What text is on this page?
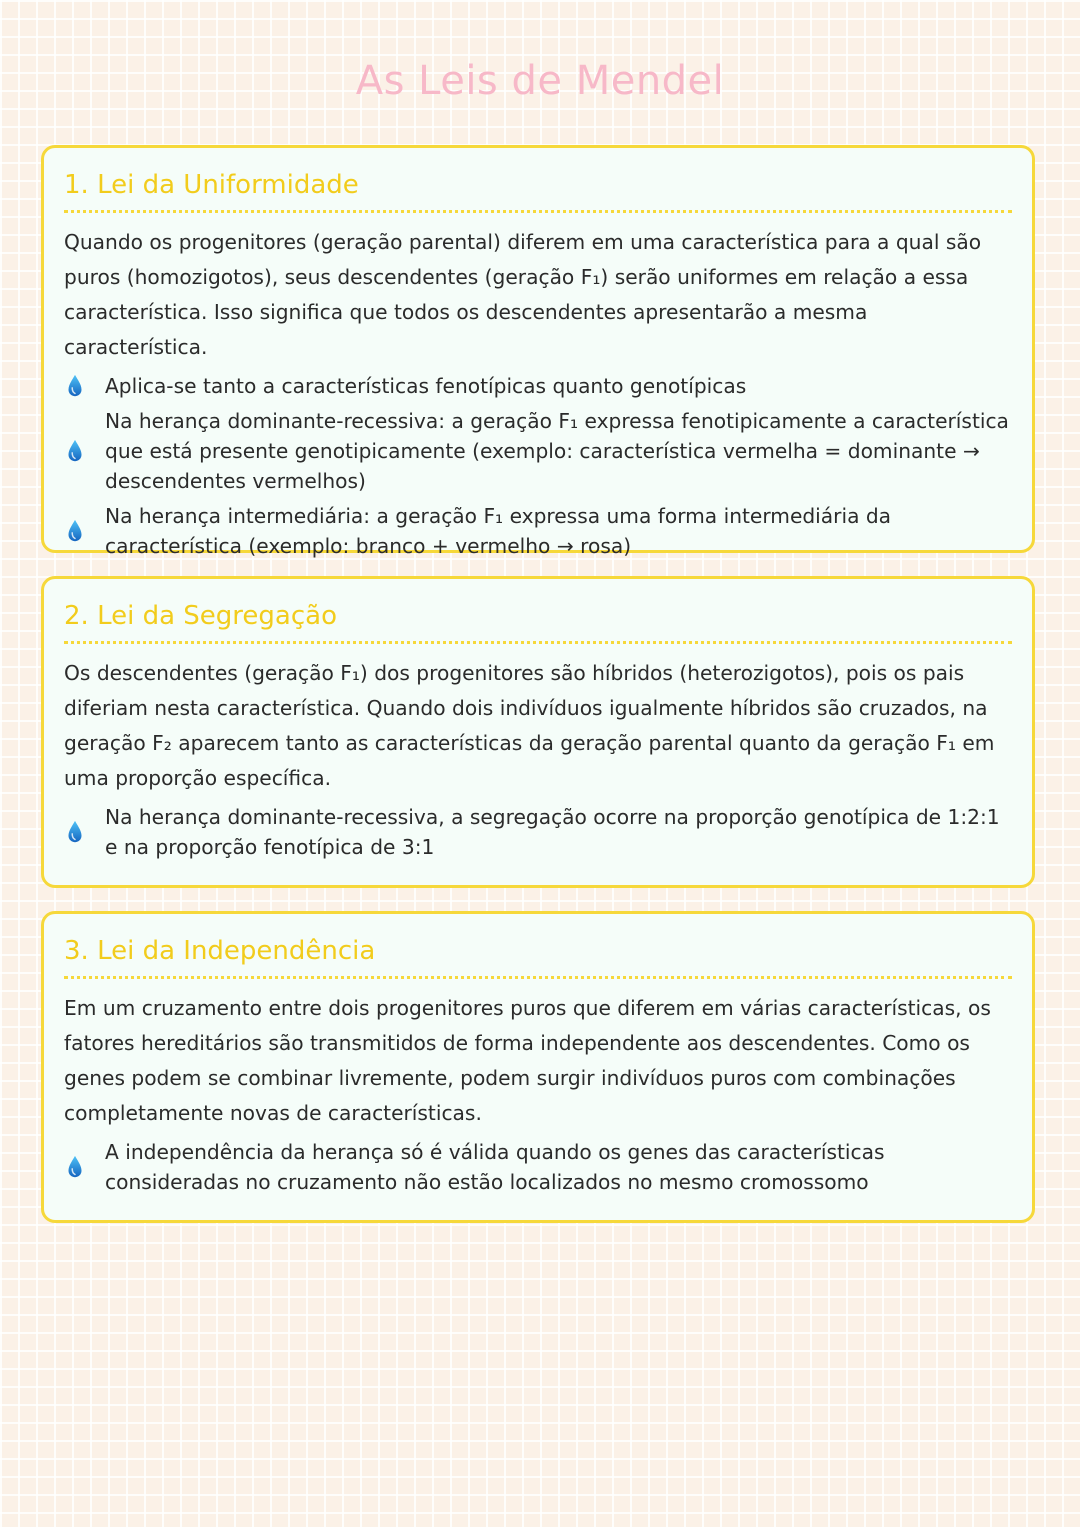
As Leis de Mendel
1. Lei da Uniformidade

Quando os progenitores (geração parental) diferem em uma característica para a qual são puros (homozigotos), seus descendentes (geração F₁) serão uniformes em relação a essa característica. Isso significa que todos os descendentes apresentarão a mesma característica.

Aplica-se tanto a características fenotípicas quanto genotípicas
Na herança dominante-recessiva: a geração F₁ expressa fenotipicamente a característica que está presente genotipicamente (exemplo: característica vermelha = dominante → descendentes vermelhos)
Na herança intermediária: a geração F₁ expressa uma forma intermediária da característica (exemplo: branco + vermelho → rosa)
2. Lei da Segregação

Os descendentes (geração F₁) dos progenitores são híbridos (heterozigotos), pois os pais diferiam nesta característica. Quando dois indivíduos igualmente híbridos são cruzados, na geração F₂ aparecem tanto as características da geração parental quanto da geração F₁ em uma proporção específica.

Na herança dominante-recessiva, a segregação ocorre na proporção genotípica de 1:2:1 e na proporção fenotípica de 3:1
3. Lei da Independência

Em um cruzamento entre dois progenitores puros que diferem em várias características, os fatores hereditários são transmitidos de forma independente aos descendentes. Como os genes podem se combinar livremente, podem surgir indivíduos puros com combinações completamente novas de características.

A independência da herança só é válida quando os genes das características consideradas no cruzamento não estão localizados no mesmo cromossomo
